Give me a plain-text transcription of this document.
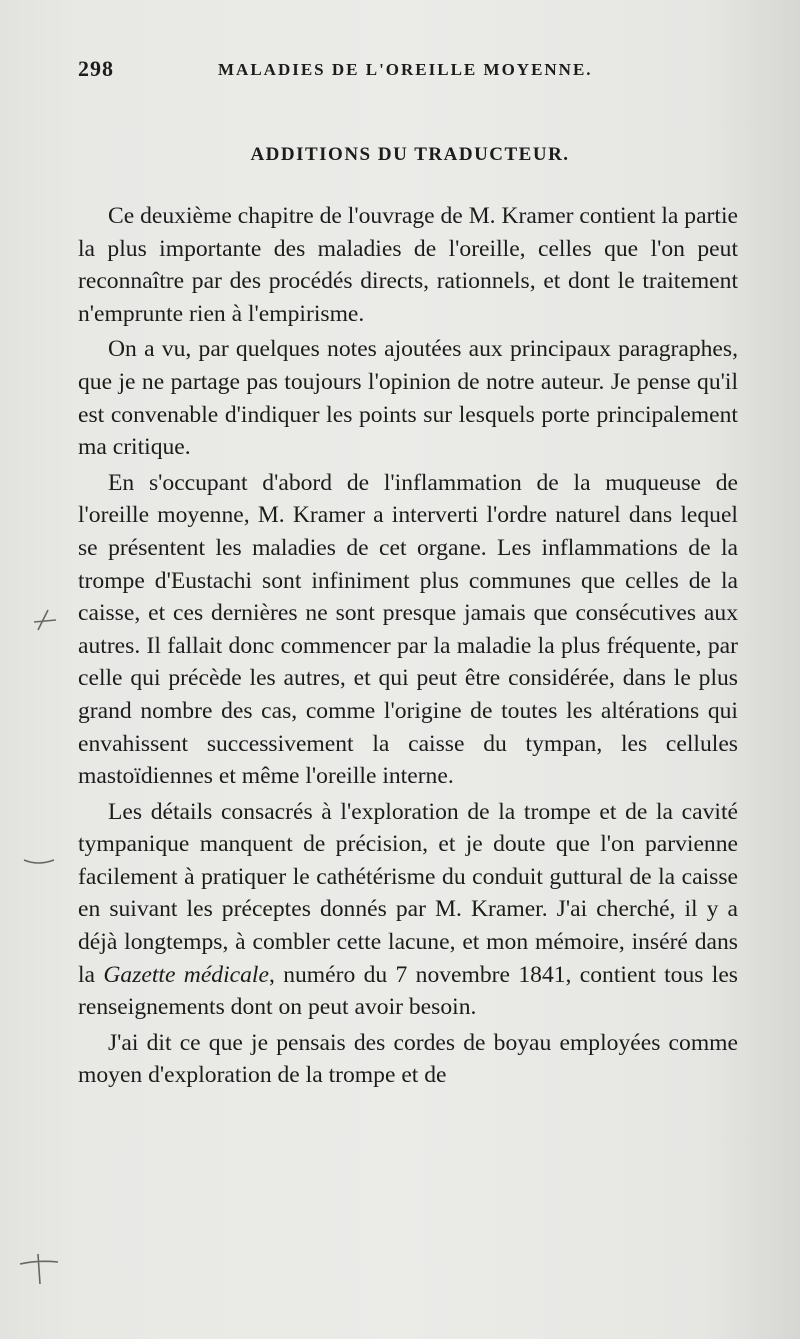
298	MALADIES DE L'OREILLE MOYENNE.
ADDITIONS DU TRADUCTEUR.

Ce deuxième chapitre de l'ouvrage de M. Kramer contient la partie la plus importante des maladies de l'oreille, celles que l'on peut reconnaître par des procédés directs, rationnels, et dont le traitement n'emprunte rien à l'empirisme.

On a vu, par quelques notes ajoutées aux principaux paragraphes, que je ne partage pas toujours l'opinion de notre auteur. Je pense qu'il est convenable d'indiquer les points sur lesquels porte principalement ma critique.

En s'occupant d'abord de l'inflammation de la muqueuse de l'oreille moyenne, M. Kramer a interverti l'ordre naturel dans lequel se présentent les maladies de cet organe. Les inflammations de la trompe d'Eustachi sont infiniment plus communes que celles de la caisse, et ces dernières ne sont presque jamais que consécutives aux autres. Il fallait donc commencer par la maladie la plus fréquente, par celle qui précède les autres, et qui peut être considérée, dans le plus grand nombre des cas, comme l'origine de toutes les altérations qui envahissent successivement la caisse du tympan, les cellules mastoïdiennes et même l'oreille interne.

Les détails consacrés à l'exploration de la trompe et de la cavité tympanique manquent de précision, et je doute que l'on parvienne facilement à pratiquer le cathétérisme du conduit guttural de la caisse en suivant les préceptes donnés par M. Kramer. J'ai cherché, il y a déjà longtemps, à combler cette lacune, et mon mémoire, inséré dans la Gazette médicale, numéro du 7 novembre 1841, contient tous les renseignements dont on peut avoir besoin.

J'ai dit ce que je pensais des cordes de boyau employées comme moyen d'exploration de la trompe et de
